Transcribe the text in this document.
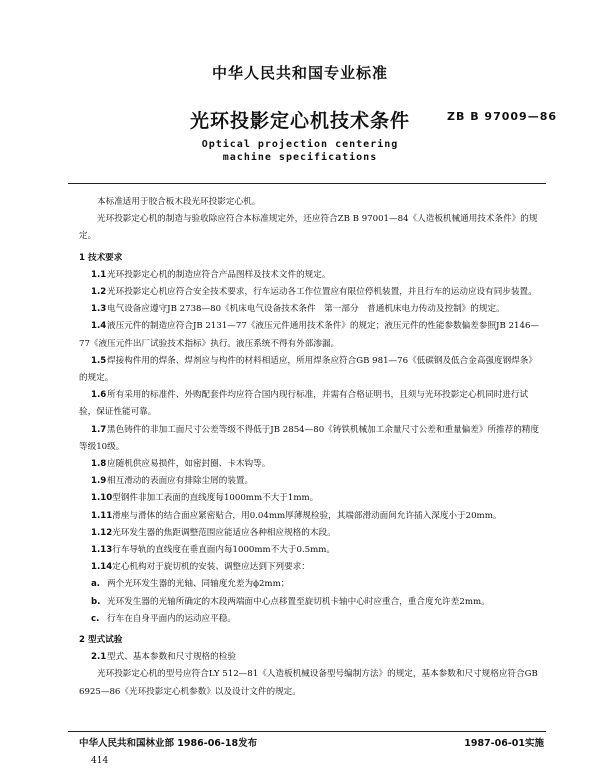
中华人民共和国专业标准
光环投影定心机技术条件	ZB B 97009—86
Optical projection centering
machine specifications

本标准适用于胶合板木段光环投影定心机。

光环投影定心机的制造与验收除应符合本标准规定外，还应符合ZB B 97001—84《人造板机械通用技术条件》的规定。

1 技术要求

1.1光环投影定心机的制造应符合产品图样及技术文件的规定。

1.2光环投影定心机应符合安全技术要求，行车运动各工作位置应有限位停机装置，并且行车的运动应设有同步装置。

1.3电气设备应遵守JB 2738—80《机床电气设备技术条件　第一部分　普通机床电力传动及控制》的规定。

1.4液压元件的制造应符合JB 2131—77《液压元件通用技术条件》的规定；液压元件的性能参数偏差参照JB 2146—77《液压元件出厂试验技术指标》执行。液压系统不得有外部渗漏。

1.5焊接构件用的焊条、焊剂应与构件的材料相适应，所用焊条应符合GB 981—76《低碳钢及低合金高强度钢焊条》的规定。

1.6所有采用的标准件、外购配套件均应符合国内现行标准，并需有合格证明书，且须与光环投影定心机同时进行试验，保证性能可靠。

1.7黑色铸件的非加工面尺寸公差等级不得低于JB 2854—80《铸铁机械加工余量尺寸公差和重量偏差》所推荐的精度等级10级。

1.8应随机供应易损件，如密封圈、卡木钩等。

1.9相互滑动的表面应有排除尘屑的装置。

1.10型钢件非加工表面的直线度每1000mm不大于1mm。

1.11滑座与滑体的结合面应紧密贴合，用0.04mm厚薄规检验，其端部滑动面间允许插入深度小于20mm。

1.12光环发生器的焦距调整范围应能适应各种相应规格的木段。

1.13行车导轨的直线度在垂直面内每1000mm不大于0.5mm。

1.14定心机构对于旋切机的安装、调整应达到下列要求：

a. 两个光环发生器的光轴、同轴度允差为ϕ2mm；

b. 光环发生器的光轴所确定的木段两端面中心点移置至旋切机卡轴中心时应重合，重合度允许差2mm。

c. 行车在自身平面内的运动应平稳。

2 型式试验

2.1型式、基本参数和尺寸规格的检验

光环投影定心机的型号应符合LY 512—81《人造板机械设备型号编制方法》的规定，基本参数和尺寸规格应符合GB 6925—86《光环投影定心机参数》以及设计文件的规定。

中华人民共和国林业部 1986-06-18发布	1987-06-01实施
414
